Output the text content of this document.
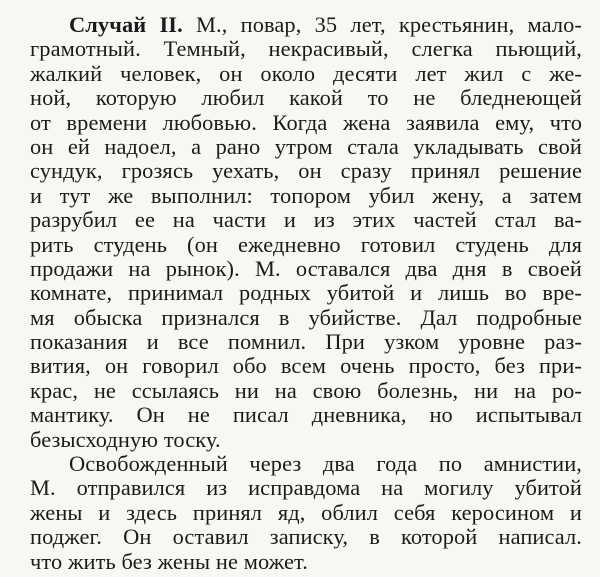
Случай II. М., повар, 35 лет, крестьянин, мало-
грамотный. Темный, некрасивый, слегка пьющий,
жалкий человек, он около десяти лет жил с же-
ной, которую любил какой то не бледнеющей
от времени любовью. Когда жена заявила ему, что
он ей надоел, а рано утром стала укладывать свой
сундук, грозясь уехать, он сразу принял решение
и тут же выполнил: топором убил жену, а затем
разрубил ее на части и из этих частей стал ва-
рить студень (он ежедневно готовил студень для
продажи на рынок). М. оставался два дня в своей
комнате, принимал родных убитой и лишь во вре-
мя обыска признался в убийстве. Дал подробные
показания и все помнил. При узком уровне раз-
вития, он говорил обо всем очень просто, без при-
крас, не ссылаясь ни на свою болезнь, ни на ро-
мантику. Он не писал дневника, но испытывал
безысходную тоску.
Освобожденный через два года по амнистии,
М. отправился из исправдома на могилу убитой
жены и здесь принял яд, облил себя керосином и
поджег. Он оставил записку, в которой написал.
что жить без жены не может.
